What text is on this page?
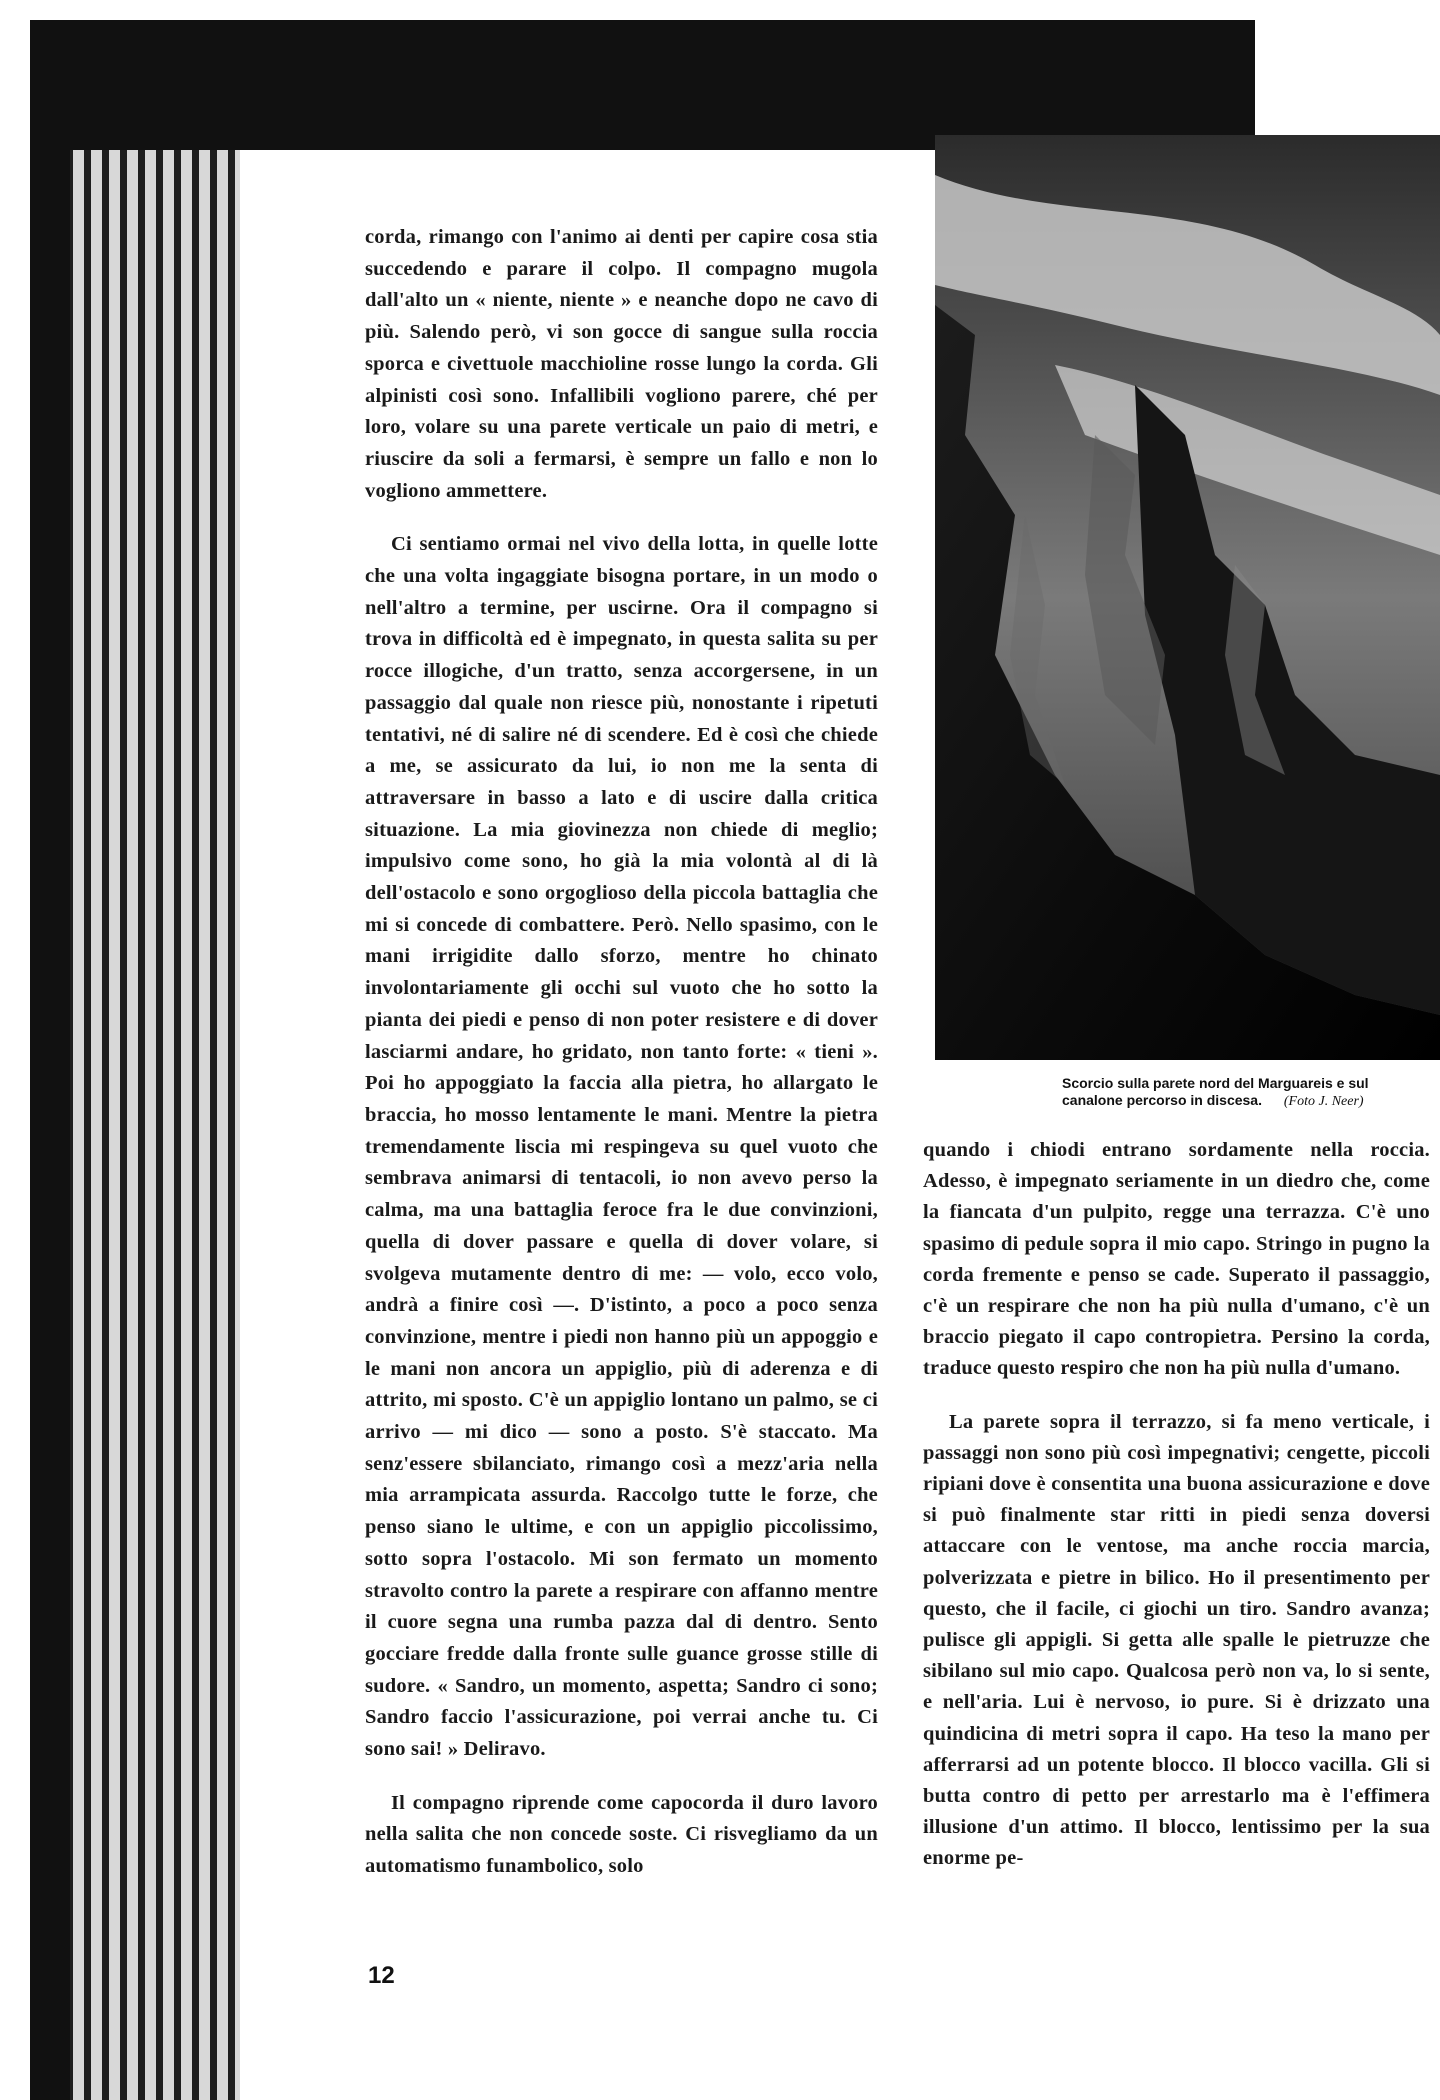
corda, rimango con l'animo ai denti per capire cosa stia succedendo e parare il colpo. Il compagno mugola dall'alto un « niente, niente » e neanche dopo ne cavo di più. Salendo però, vi son gocce di sangue sulla roccia sporca e civettuole macchioline rosse lungo la corda. Gli alpinisti così sono. Infallibili vogliono parere, ché per loro, volare su una parete verticale un paio di metri, e riuscire da soli a fermarsi, è sempre un fallo e non lo vogliono ammettere.

Ci sentiamo ormai nel vivo della lotta, in quelle lotte che una volta ingaggiate bisogna portare, in un modo o nell'altro a termine, per uscirne. Ora il compagno si trova in difficoltà ed è impegnato, in questa salita su per rocce illogiche, d'un tratto, senza accorgersene, in un passaggio dal quale non riesce più, nonostante i ripetuti tentativi, né di salire né di scendere. Ed è così che chiede a me, se assicurato da lui, io non me la senta di attraversare in basso a lato e di uscire dalla critica situazione. La mia giovinezza non chiede di meglio; impulsivo come sono, ho già la mia volontà al di là dell'ostacolo e sono orgoglioso della piccola battaglia che mi si concede di combattere. Però. Nello spasimo, con le mani irrigidite dallo sforzo, mentre ho chinato involontariamente gli occhi sul vuoto che ho sotto la pianta dei piedi e penso di non poter resistere e di dover lasciarmi andare, ho gridato, non tanto forte: « tieni ». Poi ho appoggiato la faccia alla pietra, ho allargato le braccia, ho mosso lentamente le mani. Mentre la pietra tremendamente liscia mi respingeva su quel vuoto che sembrava animarsi di tentacoli, io non avevo perso la calma, ma una battaglia feroce fra le due convinzioni, quella di dover passare e quella di dover volare, si svolgeva mutamente dentro di me: — volo, ecco volo, andrà a finire così —. D'istinto, a poco a poco senza convinzione, mentre i piedi non hanno più un appoggio e le mani non ancora un appiglio, più di aderenza e di attrito, mi sposto. C'è un appiglio lontano un palmo, se ci arrivo — mi dico — sono a posto. S'è staccato. Ma senz'essere sbilanciato, rimango così a mezz'aria nella mia arrampicata assurda. Raccolgo tutte le forze, che penso siano le ultime, e con un appiglio piccolissimo, sotto sopra l'ostacolo. Mi son fermato un momento stravolto contro la parete a respirare con affanno mentre il cuore segna una rumba pazza dal di dentro. Sento gocciare fredde dalla fronte sulle guance grosse stille di sudore. « Sandro, un momento, aspetta; Sandro ci sono; Sandro faccio l'assicurazione, poi verrai anche tu. Ci sono sai! » Deliravo.

Il compagno riprende come capocorda il duro lavoro nella salita che non concede soste. Ci risvegliamo da un automatismo funambolico, solo

Scorcio sulla parete nord del Marguareis e sul canalone percorso in discesa. (Foto J. Neer)

quando i chiodi entrano sordamente nella roccia. Adesso, è impegnato seriamente in un diedro che, come la fiancata d'un pulpito, regge una terrazza. C'è uno spasimo di pedule sopra il mio capo. Stringo in pugno la corda fremente e penso se cade. Superato il passaggio, c'è un respirare che non ha più nulla d'umano, c'è un braccio piegato il capo contropietra. Persino la corda, traduce questo respiro che non ha più nulla d'umano.

La parete sopra il terrazzo, si fa meno verticale, i passaggi non sono più così impegnativi; cengette, piccoli ripiani dove è consentita una buona assicurazione e dove si può finalmente star ritti in piedi senza doversi attaccare con le ventose, ma anche roccia marcia, polverizzata e pietre in bilico. Ho il presentimento per questo, che il facile, ci giochi un tiro. Sandro avanza; pulisce gli appigli. Si getta alle spalle le pietruzze che sibilano sul mio capo. Qualcosa però non va, lo si sente, e nell'aria. Lui è nervoso, io pure. Si è drizzato una quindicina di metri sopra il capo. Ha teso la mano per afferrarsi ad un potente blocco. Il blocco vacilla. Gli si butta contro di petto per arrestarlo ma è l'effimera illusione d'un attimo. Il blocco, lentissimo per la sua enorme pe-

12
